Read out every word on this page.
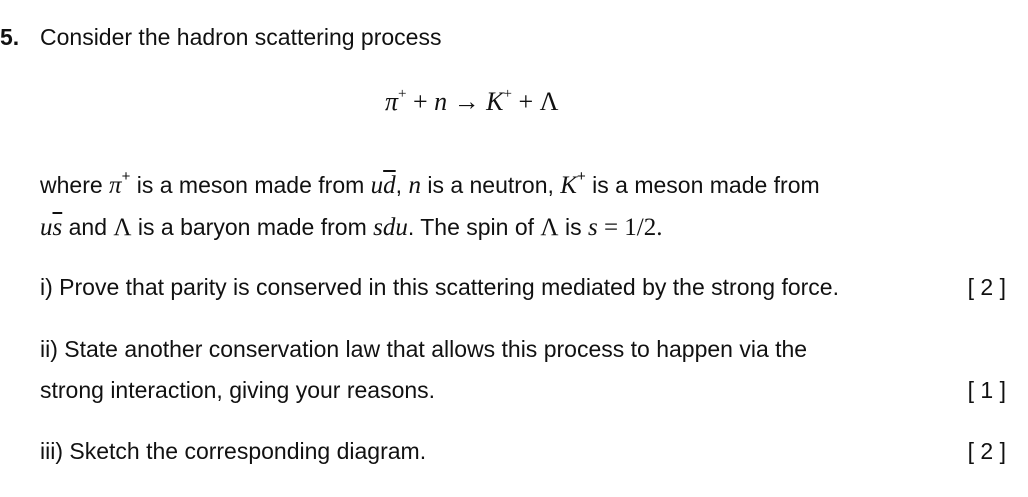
5. Consider the hadron scattering process
π+ + n → K+ + Λ
where π+ is a meson made from $u\overline{d}$, n is a neutron, K+ is a meson made from
$u\overline{s}$ and Λ is a baryon made from sdu. The spin of Λ is s = 1/2.
i) Prove that parity is conserved in this scattering mediated by the strong force.	[ 2 ]
ii) State another conservation law that allows this process to happen via the
strong interaction, giving your reasons.	[ 1 ]
iii) Sketch the corresponding diagram.	[ 2 ]
